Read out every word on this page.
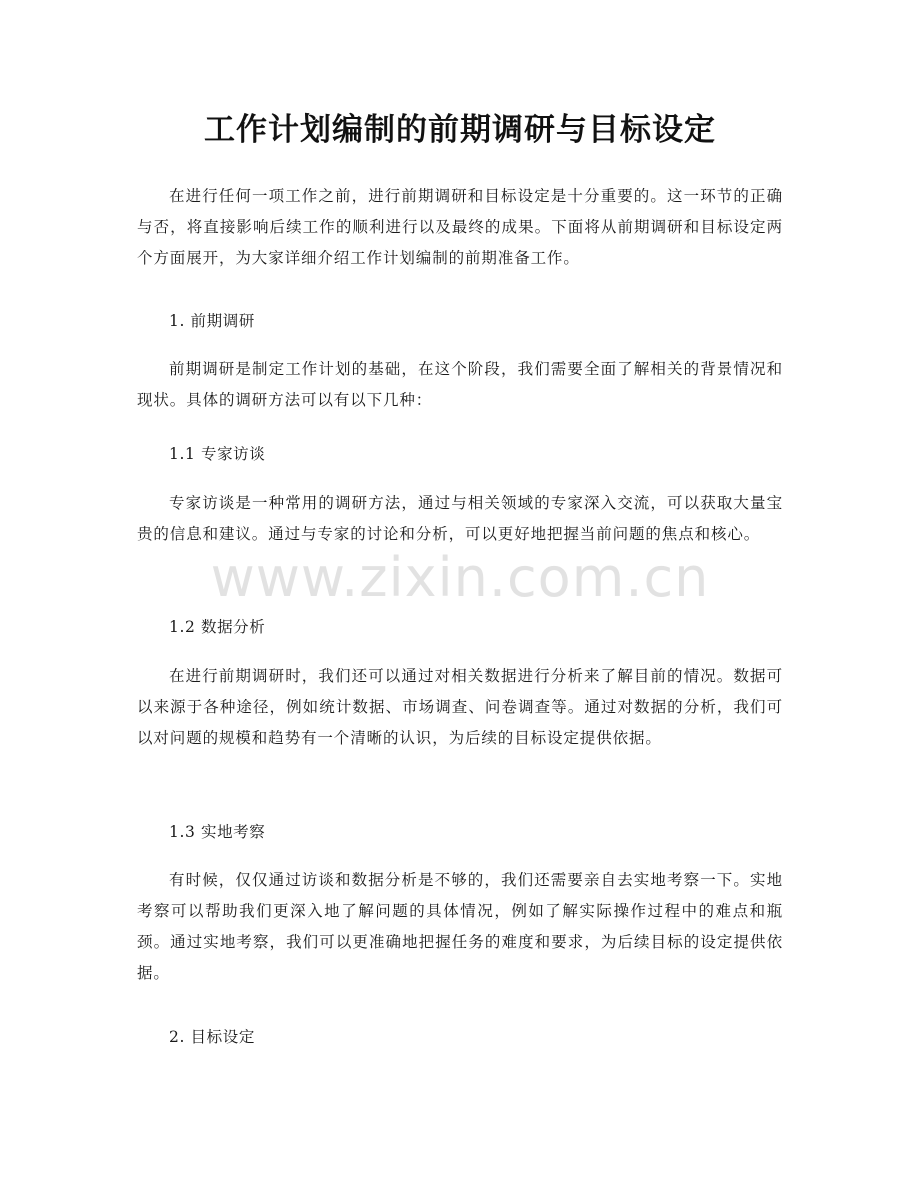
工作计划编制的前期调研与目标设定

在进行任何一项工作之前，进行前期调研和目标设定是十分重要的。这一环节的正确与否，将直接影响后续工作的顺利进行以及最终的成果。下面将从前期调研和目标设定两个方面展开，为大家详细介绍工作计划编制的前期准备工作。

1. 前期调研

前期调研是制定工作计划的基础，在这个阶段，我们需要全面了解相关的背景情况和现状。具体的调研方法可以有以下几种：

1.1 专家访谈

专家访谈是一种常用的调研方法，通过与相关领域的专家深入交流，可以获取大量宝贵的信息和建议。通过与专家的讨论和分析，可以更好地把握当前问题的焦点和核心。

1.2 数据分析

在进行前期调研时，我们还可以通过对相关数据进行分析来了解目前的情况。数据可以来源于各种途径，例如统计数据、市场调查、问卷调查等。通过对数据的分析，我们可以对问题的规模和趋势有一个清晰的认识，为后续的目标设定提供依据。

1.3 实地考察

有时候，仅仅通过访谈和数据分析是不够的，我们还需要亲自去实地考察一下。实地考察可以帮助我们更深入地了解问题的具体情况，例如了解实际操作过程中的难点和瓶颈。通过实地考察，我们可以更准确地把握任务的难度和要求，为后续目标的设定提供依据。

2. 目标设定
www.zixin.com.cn
